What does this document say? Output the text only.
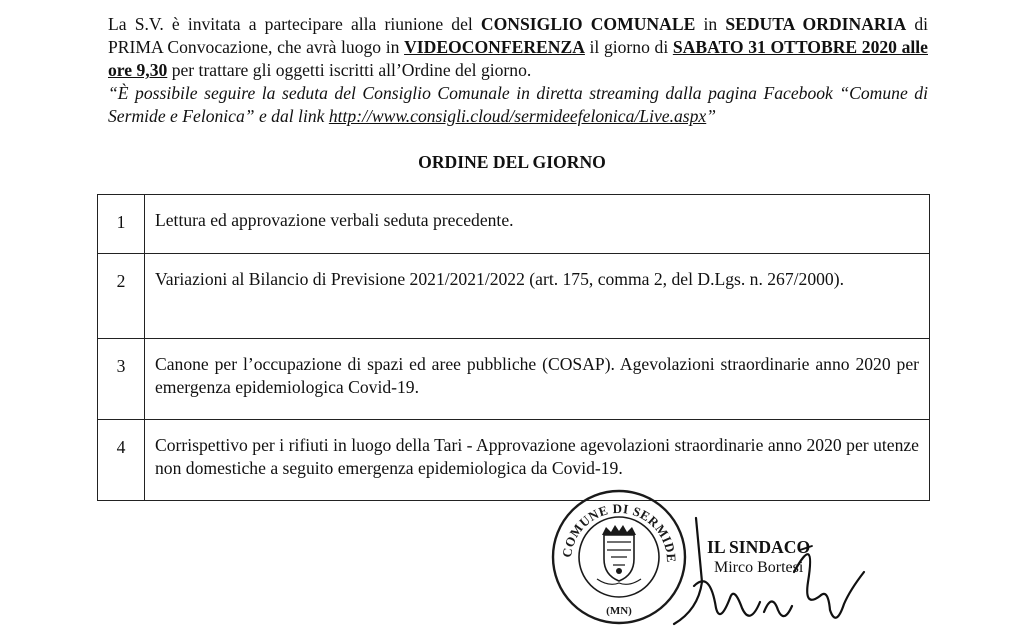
La S.V. è invitata a partecipare alla riunione del CONSIGLIO COMUNALE in SEDUTA ORDINARIA di PRIMA Convocazione, che avrà luogo in VIDEOCONFERENZA il giorno di SABATO 31 OTTOBRE 2020 alle ore 9,30 per trattare gli oggetti iscritti all’Ordine del giorno.

“È possibile seguire la seduta del Consiglio Comunale in diretta streaming dalla pagina Facebook “Comune di Sermide e Felonica” e dal link http://www.consigli.cloud/sermideefelonica/Live.aspx”

ORDINE DEL GIORNO
1	Lettura ed approvazione verbali seduta precedente.
2	Variazioni al Bilancio di Previsione 2021/2021/2022 (art. 175, comma 2, del D.Lgs. n. 267/2000).
3	Canone per l’occupazione di spazi ed aree pubbliche (COSAP). Agevolazioni straordinarie anno 2020 per emergenza epidemiologica Covid-19.
4	Corrispettivo per i rifiuti in luogo della Tari - Approvazione agevolazioni straordinarie anno 2020 per utenze non domestiche a seguito emergenza epidemiologica da Covid-19.
COMUNE DI SERMIDE
(MN)
IL SINDACO
Mirco Bortesi
